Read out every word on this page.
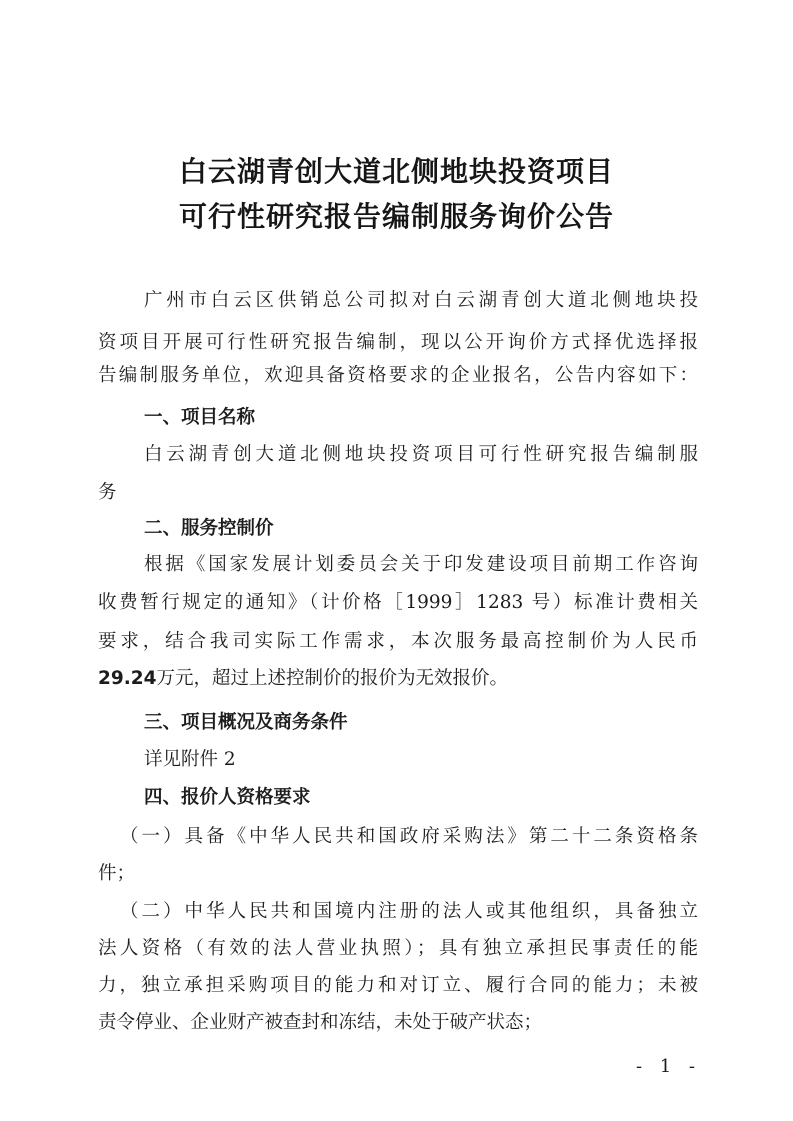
白云湖青创大道北侧地块投资项目
可行性研究报告编制服务询价公告
广州市白云区供销总公司拟对白云湖青创大道北侧地块投
资项目开展可行性研究报告编制，现以公开询价方式择优选择报
告编制服务单位，欢迎具备资格要求的企业报名，公告内容如下：
一、项目名称
白云湖青创大道北侧地块投资项目可行性研究报告编制服
务
二、服务控制价
根据《国家发展计划委员会关于印发建设项目前期工作咨询
收费暂行规定的通知》（计价格［1999］1283 号）标准计费相关
要求，结合我司实际工作需求，本次服务最高控制价为人民币
29.24万元，超过上述控制价的报价为无效报价。
三、项目概况及商务条件
详见附件 2
四、报价人资格要求
（一）具备《中华人民共和国政府采购法》第二十二条资格条
件；
（二）中华人民共和国境内注册的法人或其他组织，具备独立
法人资格（有效的法人营业执照）；具有独立承担民事责任的能
力，独立承担采购项目的能力和对订立、履行合同的能力；未被
责令停业、企业财产被查封和冻结，未处于破产状态；
- 1 -
